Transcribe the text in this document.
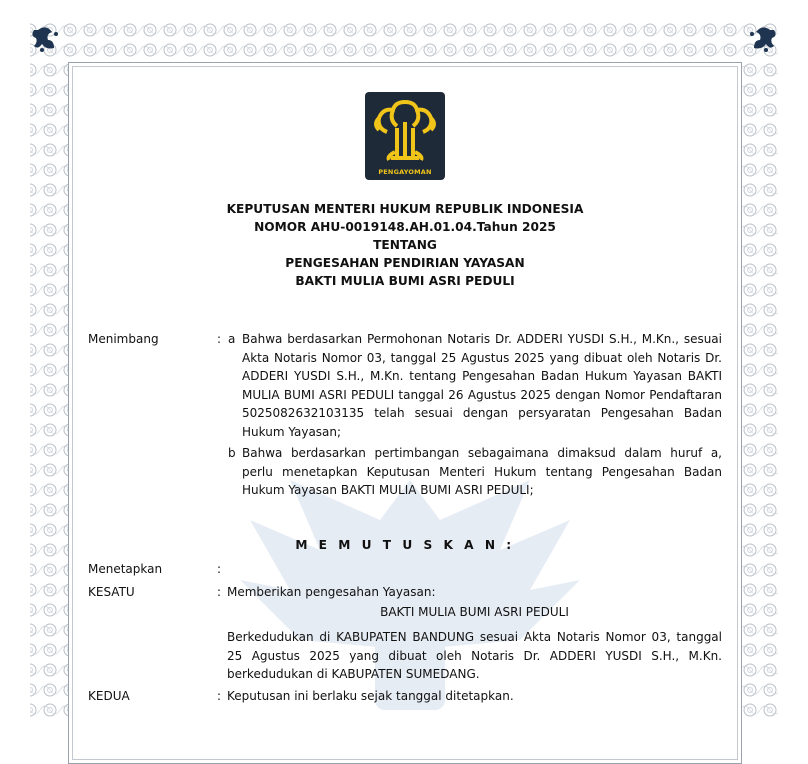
PENGAYOMAN
KEPUTUSAN MENTERI HUKUM REPUBLIK INDONESIA
NOMOR AHU-0019148.AH.01.04.Tahun 2025
TENTANG
PENGESAHAN PENDIRIAN YAYASAN
BAKTI MULIA BUMI ASRI PEDULI
Menimbang	: a Bahwa berdasarkan Permohonan Notaris Dr. ADDERI YUSDI S.H., M.Kn., sesuai Akta Notaris Nomor 03, tanggal 25 Agustus 2025 yang dibuat oleh Notaris Dr. ADDERI YUSDI S.H., M.Kn. tentang Pengesahan Badan Hukum Yayasan BAKTI MULIA BUMI ASRI PEDULI tanggal 26 Agustus 2025 dengan Nomor Pendaftaran 5025082632103135 telah sesuai dengan persyaratan Pengesahan Badan Hukum Yayasan;
b Bahwa berdasarkan pertimbangan sebagaimana dimaksud dalam huruf a, perlu menetapkan Keputusan Menteri Hukum tentang Pengesahan Badan Hukum Yayasan BAKTI MULIA BUMI ASRI PEDULI;
M E M U T U S K A N :
Menetapkan	:
KESATU	: Memberikan pengesahan Yayasan:
BAKTI MULIA BUMI ASRI PEDULI
Berkedudukan di KABUPATEN BANDUNG sesuai Akta Notaris Nomor 03, tanggal 25 Agustus 2025 yang dibuat oleh Notaris Dr. ADDERI YUSDI S.H., M.Kn. berkedudukan di KABUPATEN SUMEDANG.
KEDUA	: Keputusan ini berlaku sejak tanggal ditetapkan.
